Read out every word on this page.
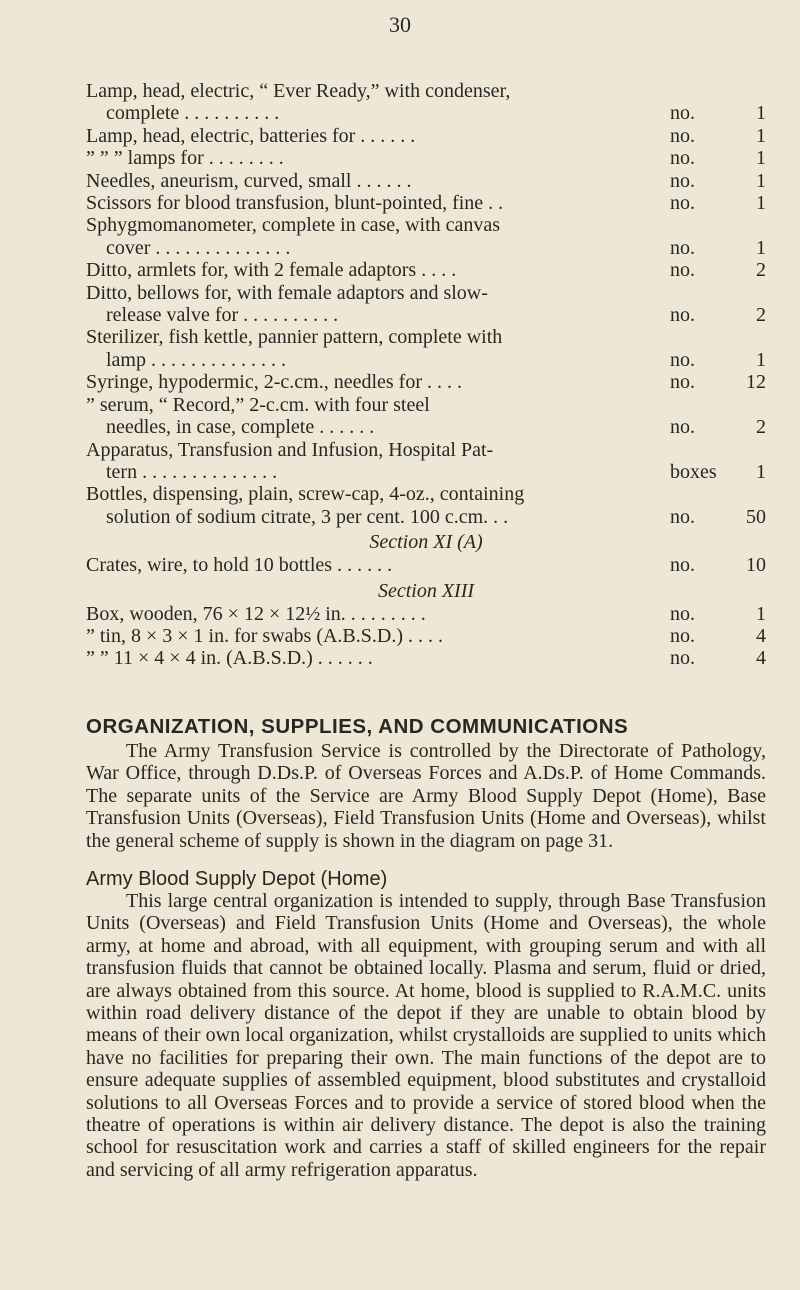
30
Lamp, head, electric, “ Ever Ready,” with condenser,
complete . . . . . . . . . .	no.	1
Lamp, head, electric, batteries for . . . . . .	no.	1
” ” ” lamps for . . . . . . . .	no.	1
Needles, aneurism, curved, small . . . . . .	no.	1
Scissors for blood transfusion, blunt-pointed, fine . .	no.	1
Sphygmomanometer, complete in case, with canvas
cover . . . . . . . . . . . . . .	no.	1
Ditto, armlets for, with 2 female adaptors . . . .	no.	2
Ditto, bellows for, with female adaptors and slow-
release valve for . . . . . . . . . .	no.	2
Sterilizer, fish kettle, pannier pattern, complete with
lamp . . . . . . . . . . . . . .	no.	1
Syringe, hypodermic, 2-c.cm., needles for . . . .	no.	12
” serum, “ Record,” 2-c.cm. with four steel
needles, in case, complete . . . . . .	no.	2
Apparatus, Transfusion and Infusion, Hospital Pat-
tern . . . . . . . . . . . . . .	boxes	1
Bottles, dispensing, plain, screw-cap, 4-oz., containing
solution of sodium citrate, 3 per cent. 100 c.cm. . .	no.	50
Section XI (A)
Crates, wire, to hold 10 bottles . . . . . .	no.	10
Section XIII
Box, wooden, 76 × 12 × 12½ in. . . . . . . . .	no.	1
” tin, 8 × 3 × 1 in. for swabs (A.B.S.D.) . . . .	no.	4
” ” 11 × 4 × 4 in. (A.B.S.D.) . . . . . .	no.	4
ORGANIZATION, SUPPLIES, AND COMMUNICATIONS

The Army Transfusion Service is controlled by the Directorate of Pathology, War Office, through D.Ds.P. of Overseas Forces and A.Ds.P. of Home Commands. The separate units of the Service are Army Blood Supply Depot (Home), Base Transfusion Units (Overseas), Field Transfusion Units (Home and Overseas), whilst the general scheme of supply is shown in the diagram on page 31.

Army Blood Supply Depot (Home)

This large central organization is intended to supply, through Base Transfusion Units (Overseas) and Field Transfusion Units (Home and Overseas), the whole army, at home and abroad, with all equipment, with grouping serum and with all transfusion fluids that cannot be obtained locally. Plasma and serum, fluid or dried, are always obtained from this source. At home, blood is supplied to R.A.M.C. units within road delivery distance of the depot if they are unable to obtain blood by means of their own local organization, whilst crystalloids are supplied to units which have no facilities for preparing their own. The main functions of the depot are to ensure adequate supplies of assembled equipment, blood substitutes and crystalloid solutions to all Overseas Forces and to provide a service of stored blood when the theatre of operations is within air delivery distance. The depot is also the training school for resuscitation work and carries a staff of skilled engineers for the repair and servicing of all army refrigeration apparatus.
